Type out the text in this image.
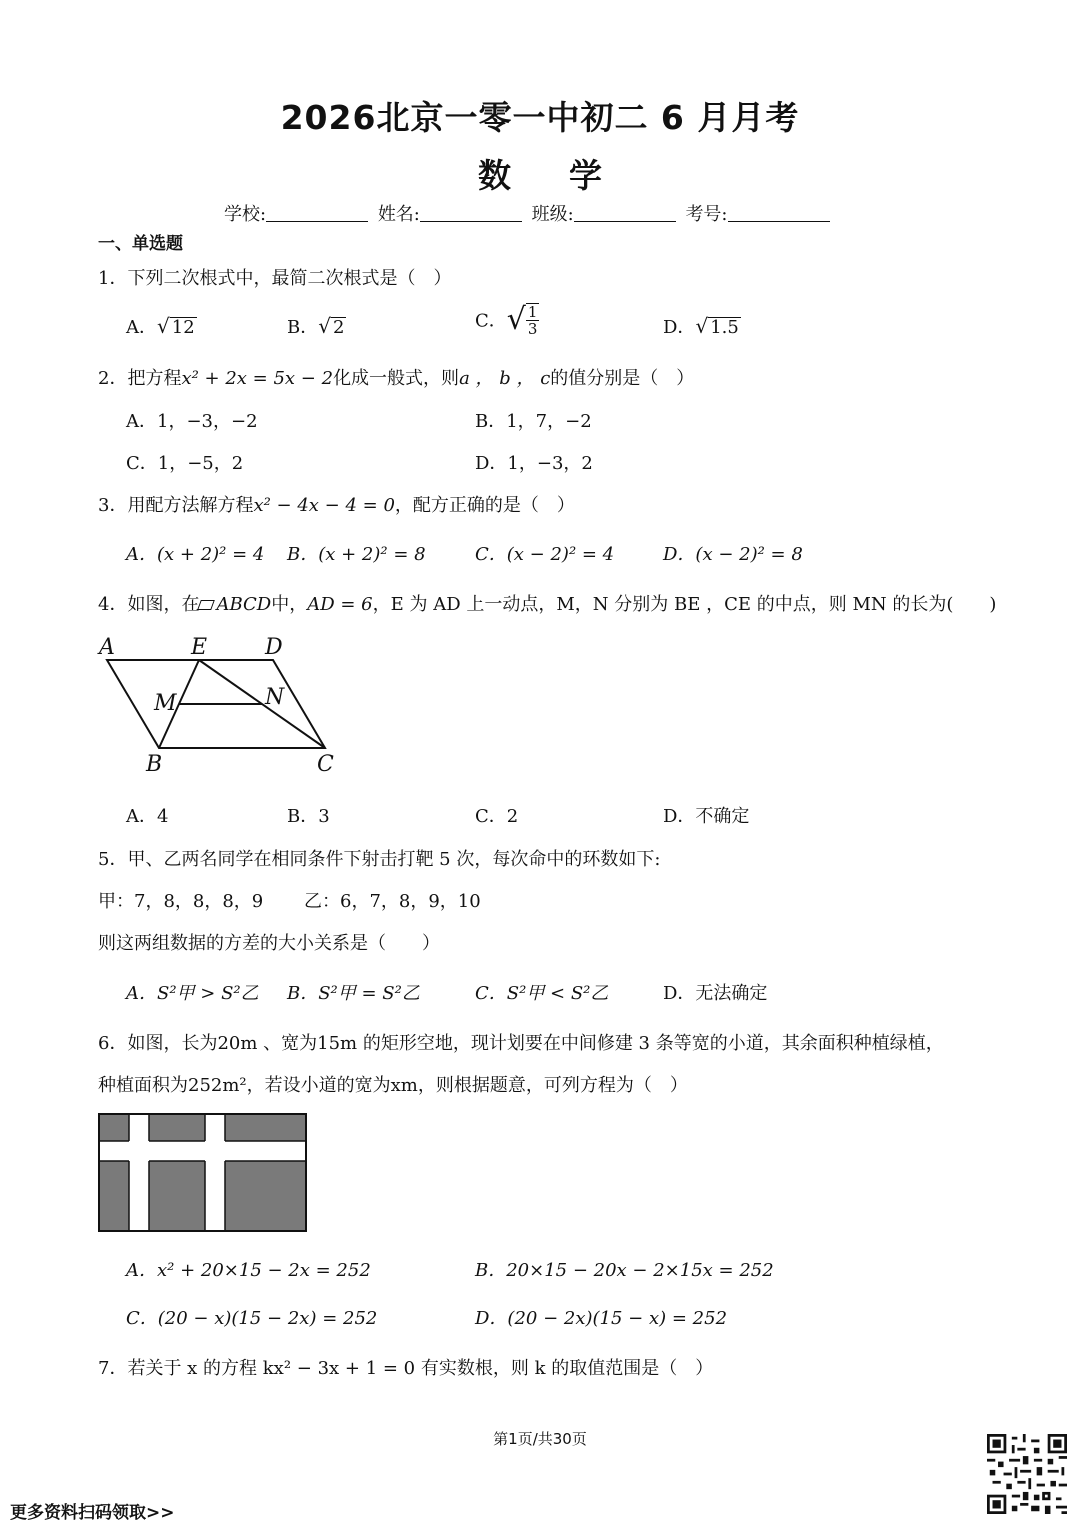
2026北京一零一中初二 6 月月考
数学
学校:	姓名:	班级:	考号:
一、单选题
1．下列二次根式中，最简二次根式是（　）
A．√ 12	B．√ 2	C．√ $\frac{1}{3}$	D．√ 1.5
2．把方程x² + 2x = 5x − 2化成一般式，则a ， b ， c的值分别是（　）
A．1，−3，−2	B．1，7，−2
C．1，−5，2	D．1，−3，2
3．用配方法解方程x² − 4x − 4 = 0，配方正确的是（　）
A．(x + 2)² = 4 B．(x + 2)² = 8	C．(x − 2)² = 4	D．(x − 2)² = 8
4．如图，在 ABCD中，AD = 6，E 为 AD 上一动点，M，N 分别为 BE ，CE 的中点，则 MN 的长为(　　)
A	E	D
M	N
B	C
A．4	B．3	C．2	D．不确定
5．甲、乙两名同学在相同条件下射击打靶 5 次，每次命中的环数如下:
甲：7，8，8，8，9 乙：6，7，8，9，10
则这两组数据的方差的大小关系是（　　）
A．S²甲 > S²乙 B．S²甲 = S²乙	C．S²甲 < S²乙	D．无法确定
6．如图，长为20m 、宽为15m 的矩形空地，现计划要在中间修建 3 条等宽的小道，其余面积种植绿植，
种植面积为252m²，若设小道的宽为xm，则根据题意，可列方程为（　）
A．x² + 20×15 − 2x = 252	B．20×15 − 20x − 2×15x = 252
C．(20 − x)(15 − 2x) = 252	D．(20 − 2x)(15 − x) = 252
7．若关于 x 的方程 kx² − 3x + 1 = 0 有实数根，则 k 的取值范围是（　）
第1页/共30页
更多资料扫码领取>>
